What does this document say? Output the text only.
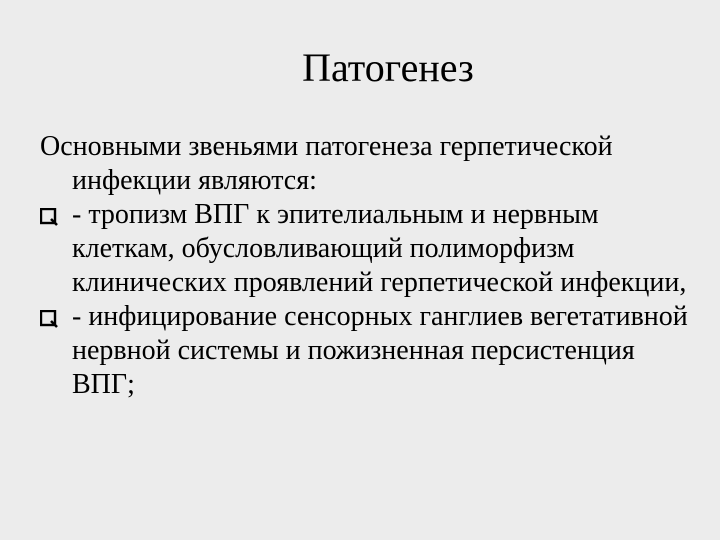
Патогенез

Основными звеньями патогенеза герпетической инфекции являются:

- тропизм ВПГ к эпителиальным и нервным клеткам, обусловливающий полиморфизм клинических проявлений герпетической инфекции,
- инфицирование сенсорных ганглиев вегетативной нервной системы и пожизненная персистенция ВПГ;
